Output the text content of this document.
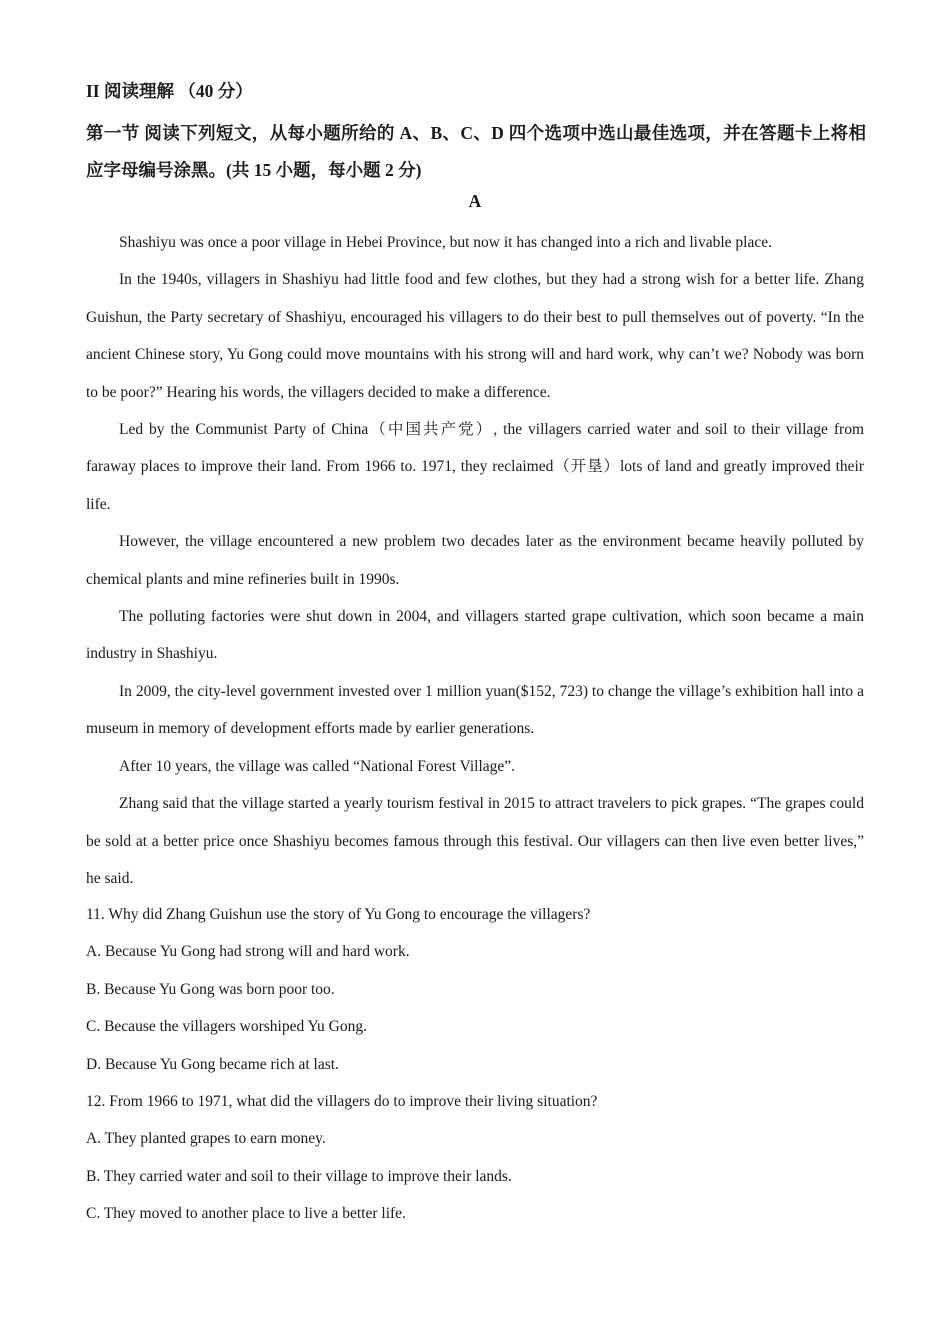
II 阅读理解 （40 分）
第一节 阅读下列短文，从每小题所给的 A、B、C、D 四个选项中选山最佳选项，并在答题卡上将相应字母编号涂黑。(共 15 小题，每小题 2 分)
A

Shashiyu was once a poor village in Hebei Province, but now it has changed into a rich and livable place.

In the 1940s, villagers in Shashiyu had little food and few clothes, but they had a strong wish for a better life. Zhang Guishun, the Party secretary of Shashiyu, encouraged his villagers to do their best to pull themselves out of poverty. “In the ancient Chinese story, Yu Gong could move mountains with his strong will and hard work, why can’t we? Nobody was born to be poor?” Hearing his words, the villagers decided to make a difference.

Led by the Communist Party of China（中国共产党）, the villagers carried water and soil to their village from faraway places to improve their land. From 1966 to. 1971, they reclaimed（开垦）lots of land and greatly improved their life.

However, the village encountered a new problem two decades later as the environment became heavily polluted by chemical plants and mine refineries built in 1990s.

The polluting factories were shut down in 2004, and villagers started grape cultivation, which soon became a main industry in Shashiyu.

In 2009, the city-level government invested over 1 million yuan($152, 723) to change the village’s exhibition hall into a museum in memory of development efforts made by earlier generations.

After 10 years, the village was called “National Forest Village”.

Zhang said that the village started a yearly tourism festival in 2015 to attract travelers to pick grapes. “The grapes could be sold at a better price once Shashiyu becomes famous through this festival. Our villagers can then live even better lives,” he said.

11. Why did Zhang Guishun use the story of Yu Gong to encourage the villagers?

A. Because Yu Gong had strong will and hard work.

B. Because Yu Gong was born poor too.

C. Because the villagers worshiped Yu Gong.

D. Because Yu Gong became rich at last.

12. From 1966 to 1971, what did the villagers do to improve their living situation?

A. They planted grapes to earn money.

B. They carried water and soil to their village to improve their lands.

C. They moved to another place to live a better life.
